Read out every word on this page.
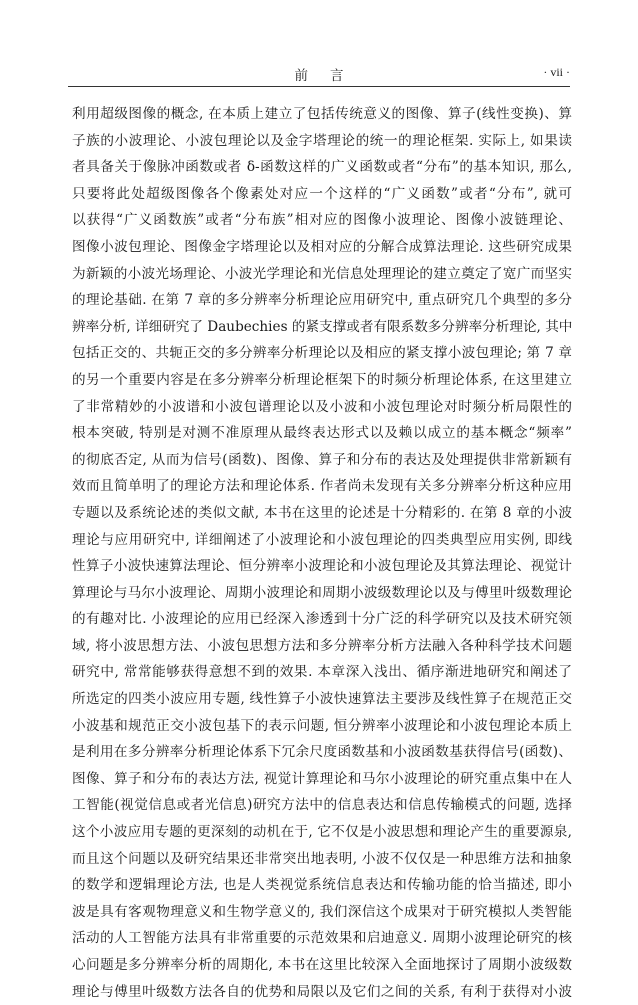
前 言	· vii ·
利用超级图像的概念, 在本质上建立了包括传统意义的图像、算子(线性变换)、算
子族的小波理论、小波包理论以及金字塔理论的统一的理论框架. 实际上, 如果读
者具备关于像脉冲函数或者 δ-函数这样的广义函数或者“分布”的基本知识, 那么,
只要将此处超级图像各个像素处对应一个这样的“广义函数”或者“分布”, 就可
以获得“广义函数族”或者“分布族”相对应的图像小波理论、图像小波链理论、
图像小波包理论、图像金字塔理论以及相对应的分解合成算法理论. 这些研究成果
为新颖的小波光场理论、小波光学理论和光信息处理理论的建立奠定了宽广而坚实
的理论基础. 在第 7 章的多分辨率分析理论应用研究中, 重点研究几个典型的多分
辨率分析, 详细研究了 Daubechies 的紧支撑或者有限系数多分辨率分析理论, 其中
包括正交的、共轭正交的多分辨率分析理论以及相应的紧支撑小波包理论; 第 7 章
的另一个重要内容是在多分辨率分析理论框架下的时频分析理论体系, 在这里建立
了非常精妙的小波谱和小波包谱理论以及小波和小波包理论对时频分析局限性的
根本突破, 特别是对测不准原理从最终表达形式以及赖以成立的基本概念“频率”
的彻底否定, 从而为信号(函数)、图像、算子和分布的表达及处理提供非常新颖有
效而且简单明了的理论方法和理论体系. 作者尚未发现有关多分辨率分析这种应用
专题以及系统论述的类似文献, 本书在这里的论述是十分精彩的. 在第 8 章的小波
理论与应用研究中, 详细阐述了小波理论和小波包理论的四类典型应用实例, 即线
性算子小波快速算法理论、恒分辨率小波理论和小波包理论及其算法理论、视觉计
算理论与马尔小波理论、周期小波理论和周期小波级数理论以及与傅里叶级数理论
的有趣对比. 小波理论的应用已经深入渗透到十分广泛的科学研究以及技术研究领
域, 将小波思想方法、小波包思想方法和多分辨率分析方法融入各种科学技术问题
研究中, 常常能够获得意想不到的效果. 本章深入浅出、循序渐进地研究和阐述了
所选定的四类小波应用专题, 线性算子小波快速算法主要涉及线性算子在规范正交
小波基和规范正交小波包基下的表示问题, 恒分辨率小波理论和小波包理论本质上
是利用在多分辨率分析理论体系下冗余尺度函数基和小波函数基获得信号(函数)、
图像、算子和分布的表达方法, 视觉计算理论和马尔小波理论的研究重点集中在人
工智能(视觉信息或者光信息)研究方法中的信息表达和信息传输模式的问题, 选择
这个小波应用专题的更深刻的动机在于, 它不仅是小波思想和理论产生的重要源泉,
而且这个问题以及研究结果还非常突出地表明, 小波不仅仅是一种思维方法和抽象
的数学和逻辑理论方法, 也是人类视觉系统信息表达和传输功能的恰当描述, 即小
波是具有客观物理意义和生物学意义的, 我们深信这个成果对于研究模拟人类智能
活动的人工智能方法具有非常重要的示范效果和启迪意义. 周期小波理论研究的核
心问题是多分辨率分析的周期化, 本书在这里比较深入全面地探讨了周期小波级数
理论与傅里叶级数方法各自的优势和局限以及它们之间的关系, 有利于获得对小波
